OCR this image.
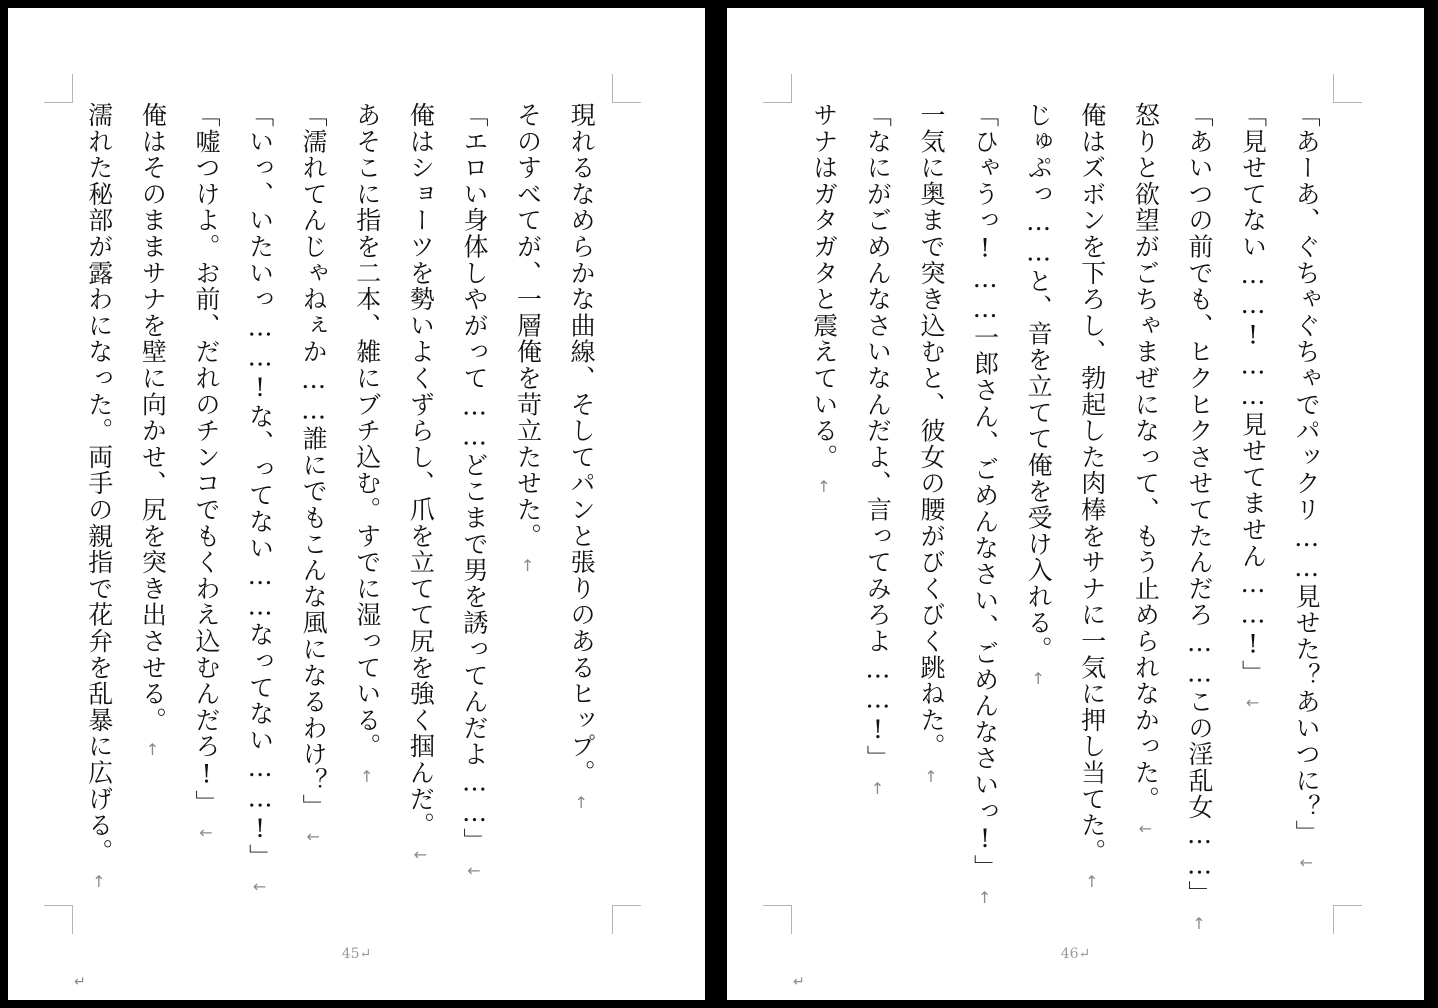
現れるなめらかな曲線、そしてパンと張りのあるヒップ。
↑
そのすべてが、一層俺を苛立たせた。
↑
「エロい身体しやがって……どこまで男を誘ってんだよ……」
←
俺はショーツを勢いよくずらし、爪を立てて尻を強く掴んだ。
←
あそこに指を二本、雑にブチ込む。すでに湿っている。
↑
「濡れてんじゃねぇか……誰にでもこんな風になるわけ？」
←
「いっ、いたいっ……!な、ってない……なってない……!」
←
「嘘つけよ。お前、だれのチンコでもくわえ込むんだろ!」
←
俺はそのままサナを壁に向かせ、尻を突き出させる。
↑
濡れた秘部が露わになった。両手の親指で花弁を乱暴に広げる。
↑
45↵
↵
「あーあ、ぐちゃぐちゃでパックリ……見せた？あいつに？」
←
「見せてない……!……見せてません……!」
←
「あいつの前でも、ヒクヒクさせてたんだろ……この淫乱女……」
↑
怒りと欲望がごちゃまぜになって、もう止められなかった。
←
俺はズボンを下ろし、勃起した肉棒をサナに一気に押し当てた。
↑
じゅぷっ……と、音を立てて俺を受け入れる。
↑
「ひゃうっ!……一郎さん、ごめんなさい、ごめんなさいっ!」
↑
一気に奥まで突き込むと、彼女の腰がびくびく跳ねた。
↑
「なにがごめんなさいなんだよ、言ってみろよ……!」
↑
サナはガタガタと震えている。
↑
46↵
↵
